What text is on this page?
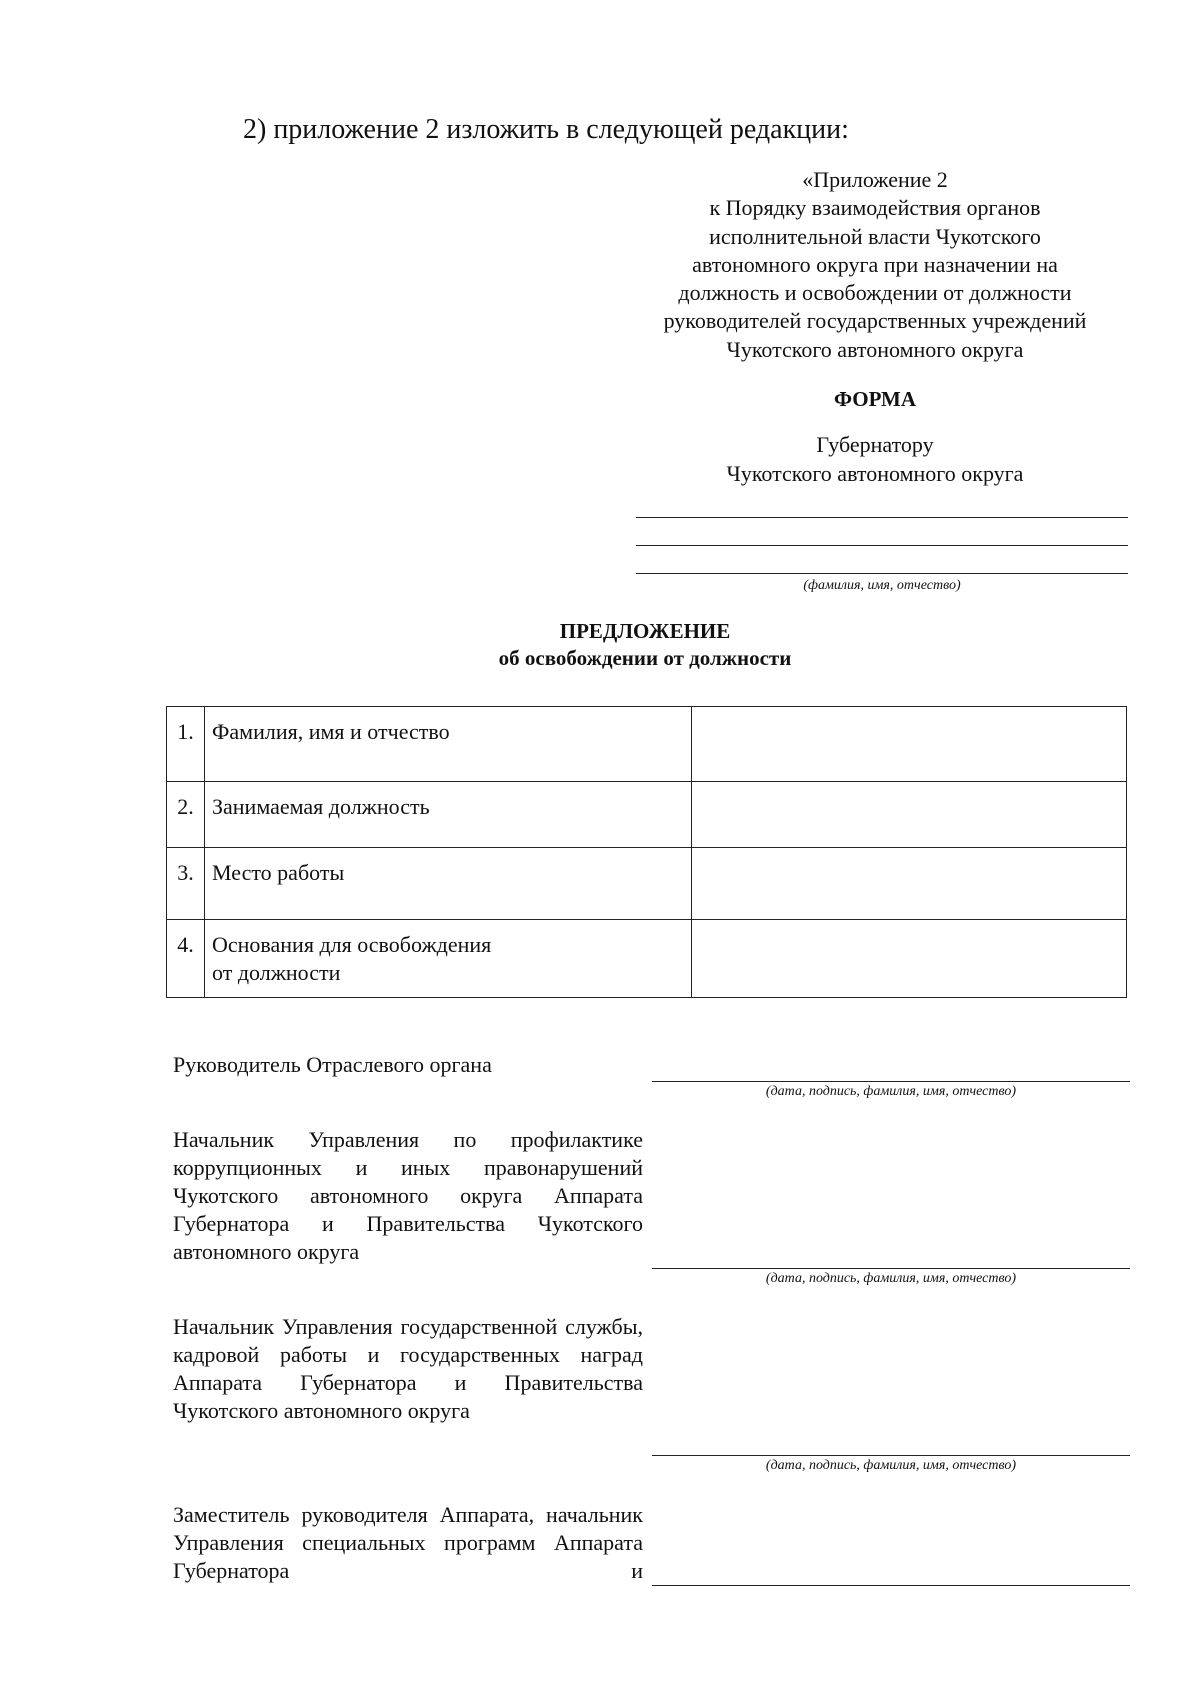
2) приложение 2 изложить в следующей редакции:
«Приложение 2
к Порядку взаимодействия органов
исполнительной власти Чукотского
автономного округа при назначении на
должность и освобождении от должности
руководителей государственных учреждений
Чукотского автономного округа
ФОРМА
Губернатору
Чукотского автономного округа
(фамилия, имя, отчество)
ПРЕДЛОЖЕНИЕ
об освобождении от должности
1.	Фамилия, имя и отчество	
2.	Занимаемая должность	
3.	Место работы	
4.	Основания для освобождения
от должности	
Руководитель Отраслевого органа
(дата, подпись, фамилия, имя, отчество)
Начальник Управления по профилактике коррупционных и иных правонарушений Чукотского автономного округа Аппарата Губернатора и Правительства Чукотского автономного округа
(дата, подпись, фамилия, имя, отчество)
Начальник Управления государственной службы, кадровой работы и государственных наград Аппарата Губернатора и Правительства Чукотского автономного округа
(дата, подпись, фамилия, имя, отчество)
Заместитель руководителя Аппарата, начальник Управления специальных программ Аппарата Губернатора и
